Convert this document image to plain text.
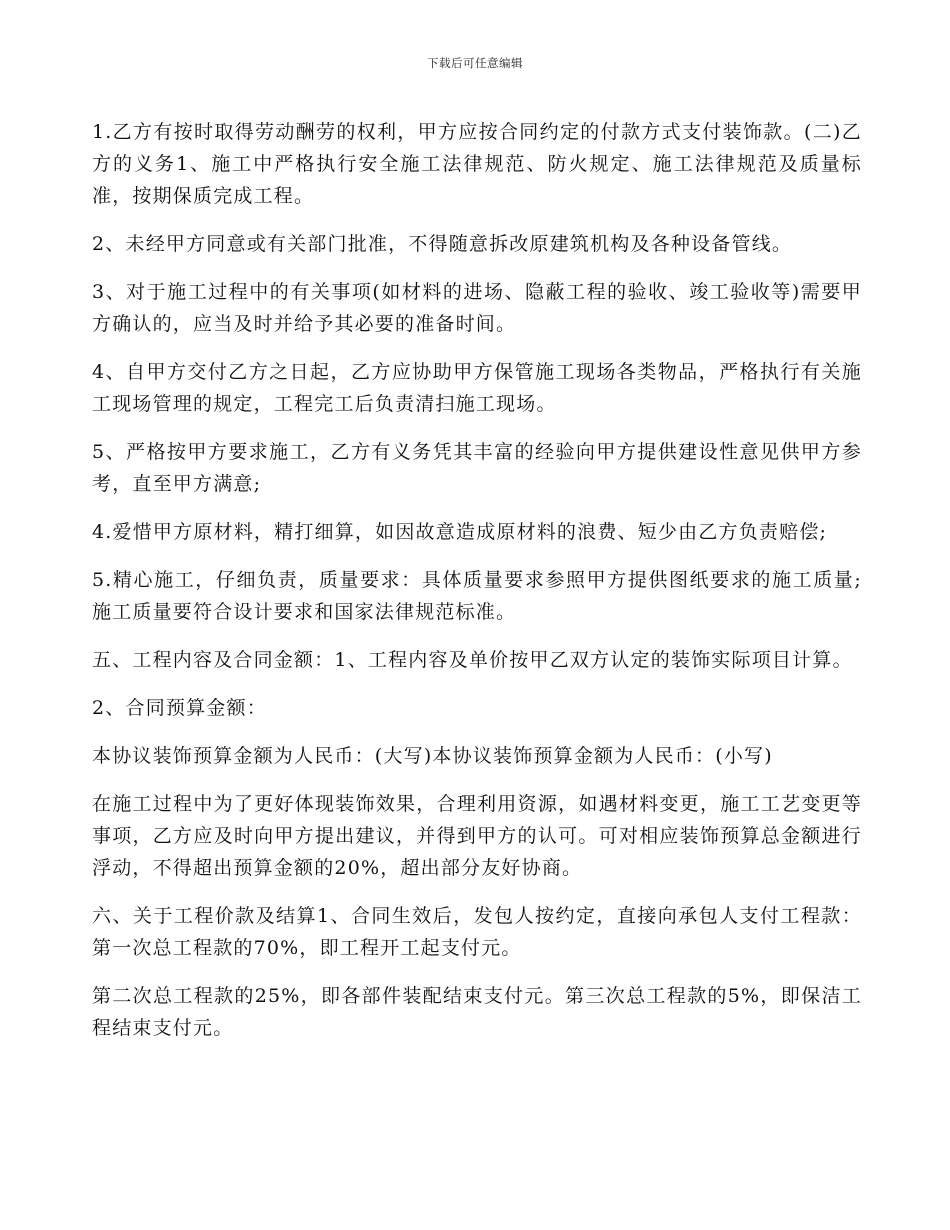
下载后可任意编辑

1.乙方有按时取得劳动酬劳的权利，甲方应按合同约定的付款方式支付装饰款。(二)乙方的义务1、施工中严格执行安全施工法律规范、防火规定、施工法律规范及质量标准，按期保质完成工程。

2、未经甲方同意或有关部门批准，不得随意拆改原建筑机构及各种设备管线。

3、对于施工过程中的有关事项(如材料的进场、隐蔽工程的验收、竣工验收等)需要甲方确认的，应当及时并给予其必要的准备时间。

4、自甲方交付乙方之日起，乙方应协助甲方保管施工现场各类物品，严格执行有关施工现场管理的规定，工程完工后负责清扫施工现场。

5、严格按甲方要求施工，乙方有义务凭其丰富的经验向甲方提供建设性意见供甲方参考，直至甲方满意;

4.爱惜甲方原材料，精打细算，如因故意造成原材料的浪费、短少由乙方负责赔偿;

5.精心施工，仔细负责，质量要求：具体质量要求参照甲方提供图纸要求的施工质量;施工质量要符合设计要求和国家法律规范标准。

五、工程内容及合同金额：1、工程内容及单价按甲乙双方认定的装饰实际项目计算。

2、合同预算金额：

本协议装饰预算金额为人民币：(大写)本协议装饰预算金额为人民币：(小写)

在施工过程中为了更好体现装饰效果，合理利用资源，如遇材料变更，施工工艺变更等事项，乙方应及时向甲方提出建议，并得到甲方的认可。可对相应装饰预算总金额进行浮动，不得超出预算金额的20%，超出部分友好协商。

六、关于工程价款及结算1、合同生效后，发包人按约定，直接向承包人支付工程款：第一次总工程款的70%，即工程开工起支付元。

第二次总工程款的25%，即各部件装配结束支付元。第三次总工程款的5%，即保洁工程结束支付元。
